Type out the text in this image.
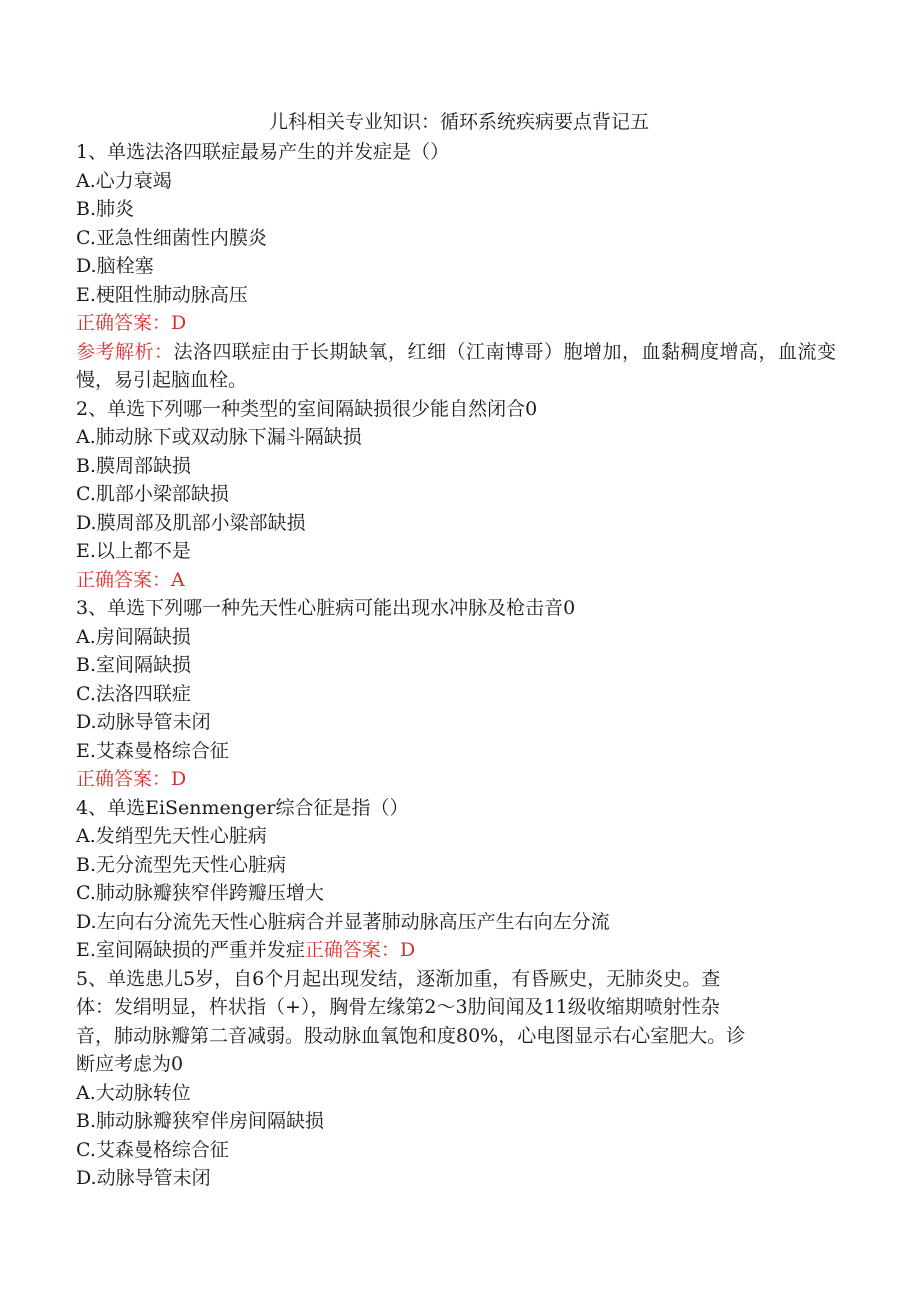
儿科相关专业知识：循环系统疾病要点背记五
1、单选法洛四联症最易产生的并发症是（）
A.心力衰竭
B.肺炎
C.亚急性细菌性内膜炎
D.脑栓塞
E.梗阻性肺动脉高压
正确答案：D
参考解析：法洛四联症由于长期缺氧，红细（江南博哥）胞增加，血黏稠度增高，血流变慢，易引起脑血栓。
2、单选下列哪一种类型的室间隔缺损很少能自然闭合0
A.肺动脉下或双动脉下漏斗隔缺损
B.膜周部缺损
C.肌部小梁部缺损
D.膜周部及肌部小粱部缺损
E.以上都不是
正确答案：A
3、单选下列哪一种先天性心脏病可能出现水冲脉及枪击音0
A.房间隔缺损
B.室间隔缺损
C.法洛四联症
D.动脉导管未闭
E.艾森曼格综合征
正确答案：D
4、单选EiSenmenger综合征是指（）
A.发绡型先天性心脏病
B.无分流型先天性心脏病
C.肺动脉瓣狭窄伴跨瓣压增大
D.左向右分流先天性心脏病合并显著肺动脉高压产生右向左分流
E.室间隔缺损的严重并发症正确答案：D
5、单选患儿5岁，自6个月起出现发结，逐渐加重，有昏厥史，无肺炎史。查
体：发绢明显，杵状指（+），胸骨左缘第2～3肋间闻及11级收缩期喷射性杂
音，肺动脉瓣第二音减弱。股动脉血氧饱和度80%，心电图显示右心室肥大。诊
断应考虑为0
A.大动脉转位
B.肺动脉瓣狭窄伴房间隔缺损
C.艾森曼格综合征
D.动脉导管未闭
